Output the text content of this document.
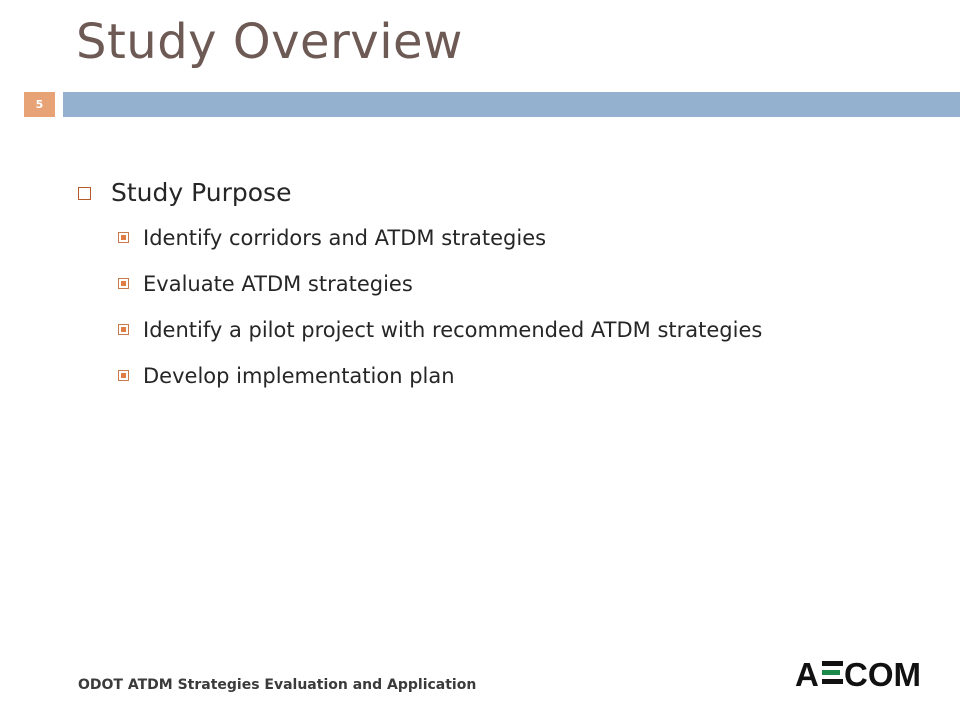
Study Overview
5
Study Purpose
Identify corridors and ATDM strategies
Evaluate ATDM strategies
Identify a pilot project with recommended ATDM strategies
Develop implementation plan
ODOT ATDM Strategies Evaluation and Application	A COM
